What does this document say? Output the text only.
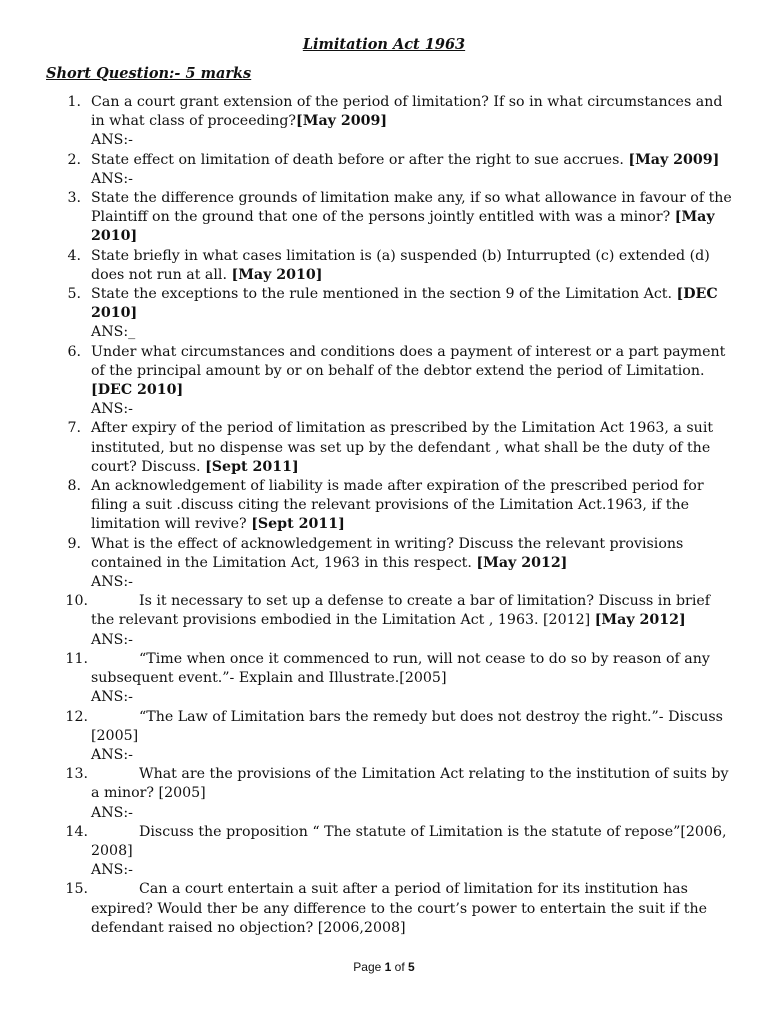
Limitation Act 1963
Short Question:- 5 marks
1. Can a court grant extension of the period of limitation? If so in what circumstances and in what class of proceeding?[May 2009]
ANS:-
2. State effect on limitation of death before or after the right to sue accrues. [May 2009]
ANS:-
3. State the difference grounds of limitation make any, if so what allowance in favour of the Plaintiff on the ground that one of the persons jointly entitled with was a minor? [May 2010]
4. State briefly in what cases limitation is (a) suspended (b) Inturrupted (c) extended (d) does not run at all. [May 2010]
5. State the exceptions to the rule mentioned in the section 9 of the Limitation Act. [DEC 2010]
ANS:_
6. Under what circumstances and conditions does a payment of interest or a part payment of the principal amount by or on behalf of the debtor extend the period of Limitation. [DEC 2010]
ANS:-
7. After expiry of the period of limitation as prescribed by the Limitation Act 1963, a suit instituted, but no dispense was set up by the defendant , what shall be the duty of the court? Discuss. [Sept 2011]
8. An acknowledgement of liability is made after expiration of the prescribed period for filing a suit .discuss citing the relevant provisions of the Limitation Act.1963, if the limitation will revive? [Sept 2011]
9. What is the effect of acknowledgement in writing? Discuss the relevant provisions contained in the Limitation Act, 1963 in this respect. [May 2012]
ANS:-
10.	Is it necessary to set up a defense to create a bar of limitation? Discuss in brief the relevant provisions embodied in the Limitation Act , 1963. [2012] [May 2012]
ANS:-
11.	“Time when once it commenced to run, will not cease to do so by reason of any subsequent event.”- Explain and Illustrate.[2005]
ANS:-
12.	“The Law of Limitation bars the remedy but does not destroy the right.”- Discuss [2005]
ANS:-
13.	What are the provisions of the Limitation Act relating to the institution of suits by a minor? [2005]
ANS:-
14.	Discuss the proposition “ The statute of Limitation is the statute of repose”[2006, 2008]
ANS:-
15.	Can a court entertain a suit after a period of limitation for its institution has expired? Would ther be any difference to the court’s power to entertain the suit if the defendant raised no objection? [2006,2008]
Page 1 of 5
